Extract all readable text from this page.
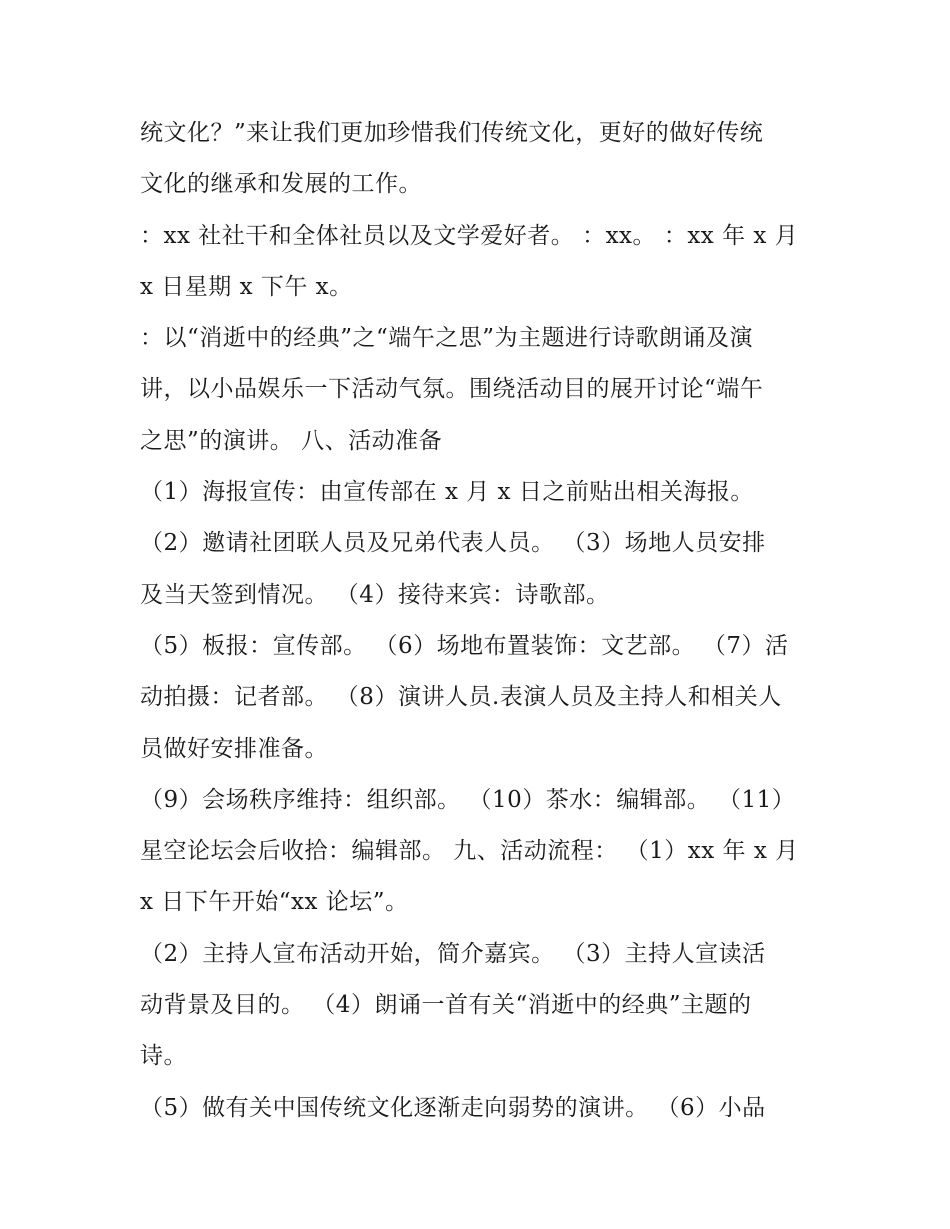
统文化？”来让我们更加珍惜我们传统文化，更好的做好传统
文化的继承和发展的工作。
：xx 社社干和全体社员以及文学爱好者。 ：xx。 ：xx 年 x 月
x 日星期 x 下午 x。
：以“消逝中的经典”之“端午之思”为主题进行诗歌朗诵及演
讲，以小品娱乐一下活动气氛。围绕活动目的展开讨论“端午
之思”的演讲。 八、活动准备
（1）海报宣传：由宣传部在 x 月 x 日之前贴出相关海报。
（2）邀请社团联人员及兄弟代表人员。 （3）场地人员安排
及当天签到情况。 （4）接待来宾：诗歌部。
（5）板报：宣传部。 （6）场地布置装饰：文艺部。 （7）活
动拍摄：记者部。 （8）演讲人员.表演人员及主持人和相关人
员做好安排准备。
（9）会场秩序维持：组织部。 （10）茶水：编辑部。 （11）
星空论坛会后收拾：编辑部。 九、活动流程： （1）xx 年 x 月
x 日下午开始“xx 论坛”。
（2）主持人宣布活动开始，简介嘉宾。 （3）主持人宣读活
动背景及目的。 （4）朗诵一首有关“消逝中的经典”主题的
诗。
（5）做有关中国传统文化逐渐走向弱势的演讲。 （6）小品
